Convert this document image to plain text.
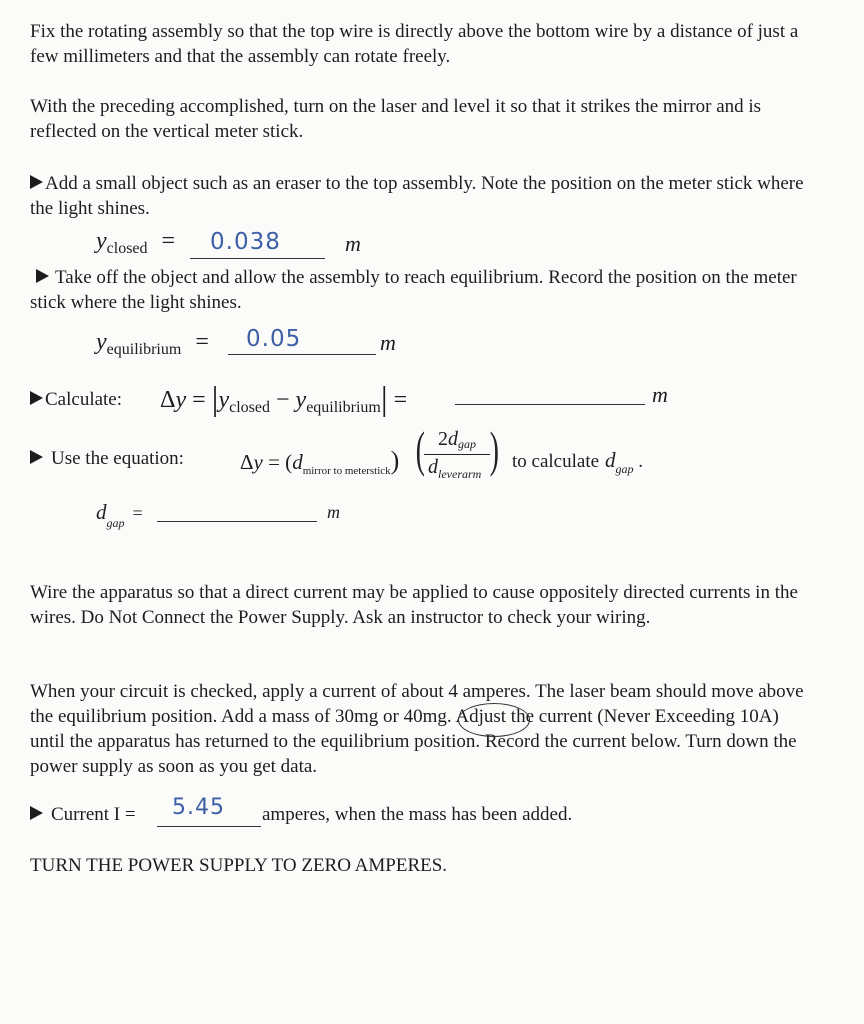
Fix the rotating assembly so that the top wire is directly above the bottom wire by a distance of just a few millimeters and that the assembly can rotate freely.

With the preceding accomplished, turn on the laser and level it so that it strikes the mirror and is reflected on the vertical meter stick.

Add a small object such as an eraser to the top assembly. Note the position on the meter stick where the light shines.

$y_{closed} = 0.038$	m

Take off the object and allow the assembly to reach equilibrium. Record the position on the meter stick where the light shines.

$y_{equilibrium} = 0.05$	m
Calculate: $\Delta y = |y_{closed} - y_{equilibrium}|$ =	m
Use the equation:	$\Delta y = (d_{mirror to meterstick})$ ( )
2dgap
$d_{leverarm}$
to calculate $d_{gap}$ .
$d_{gap}$ =	m

Wire the apparatus so that a direct current may be applied to cause oppositely directed currents in the wires. Do Not Connect the Power Supply. Ask an instructor to check your wiring.

When your circuit is checked, apply a current of about 4 amperes. The laser beam should move above the equilibrium position. Add a mass of 30mg or 40mg. Adjust the current (Never Exceeding 10A) until the apparatus has returned to the equilibrium position. Record the current below. Turn down the power supply as soon as you get data.

Current I = 5.45 amperes, when the mass has been added.
TURN THE POWER SUPPLY TO ZERO AMPERES.
